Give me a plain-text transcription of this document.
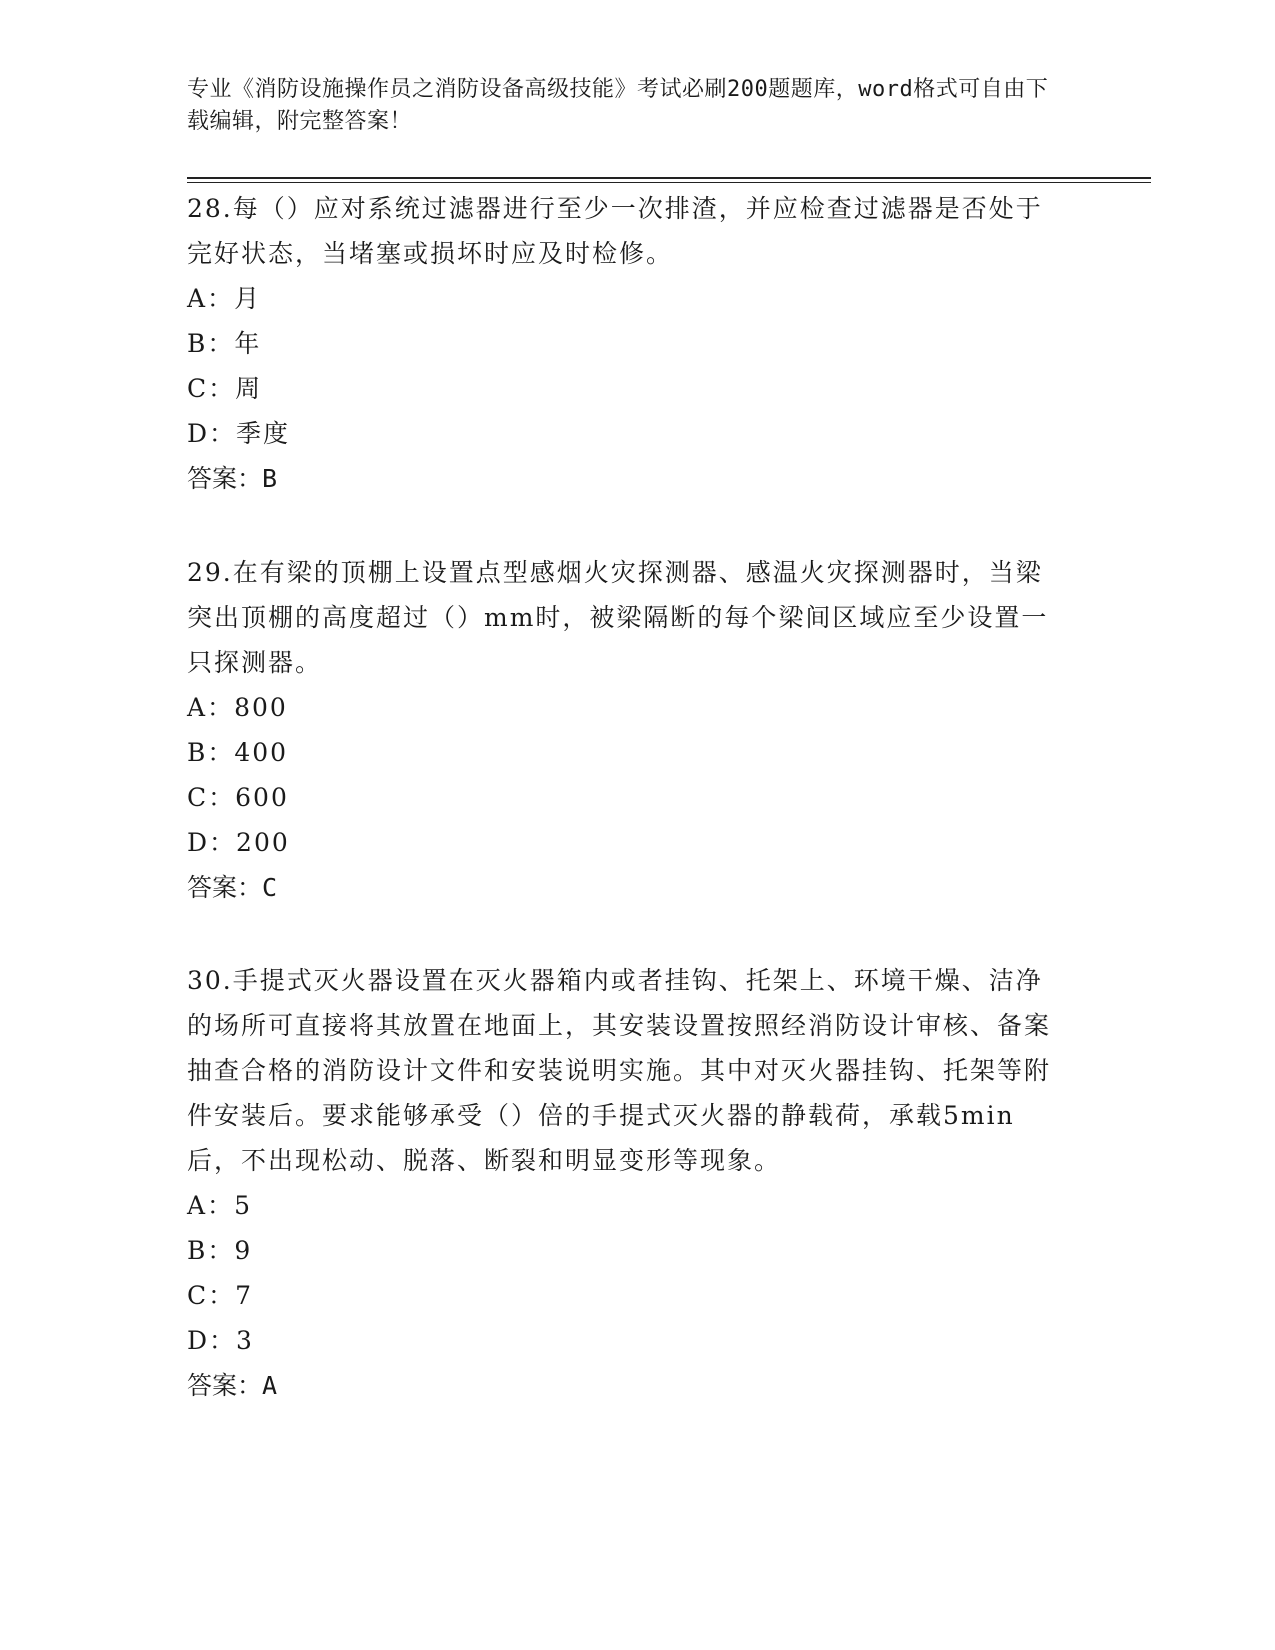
专业《消防设施操作员之消防设备高级技能》考试必刷200题题库，word格式可自由下载编辑，附完整答案！

28.每（）应对系统过滤器进行至少一次排渣，并应检查过滤器是否处于完好状态，当堵塞或损坏时应及时检修。

A： 月

B： 年

C： 周

D： 季度

答案：B

29.在有梁的顶棚上设置点型感烟火灾探测器、感温火灾探测器时，当梁突出顶棚的高度超过（）mm时，被梁隔断的每个梁间区域应至少设置一只探测器。

A： 800

B： 400

C： 600

D： 200

答案：C

30.手提式灭火器设置在灭火器箱内或者挂钩、托架上、环境干燥、洁净的场所可直接将其放置在地面上，其安装设置按照经消防设计审核、备案抽查合格的消防设计文件和安装说明实施。其中对灭火器挂钩、托架等附件安装后。要求能够承受（）倍的手提式灭火器的静载荷，承载5min后，不出现松动、脱落、断裂和明显变形等现象。

A： 5

B： 9

C： 7

D： 3

答案：A
